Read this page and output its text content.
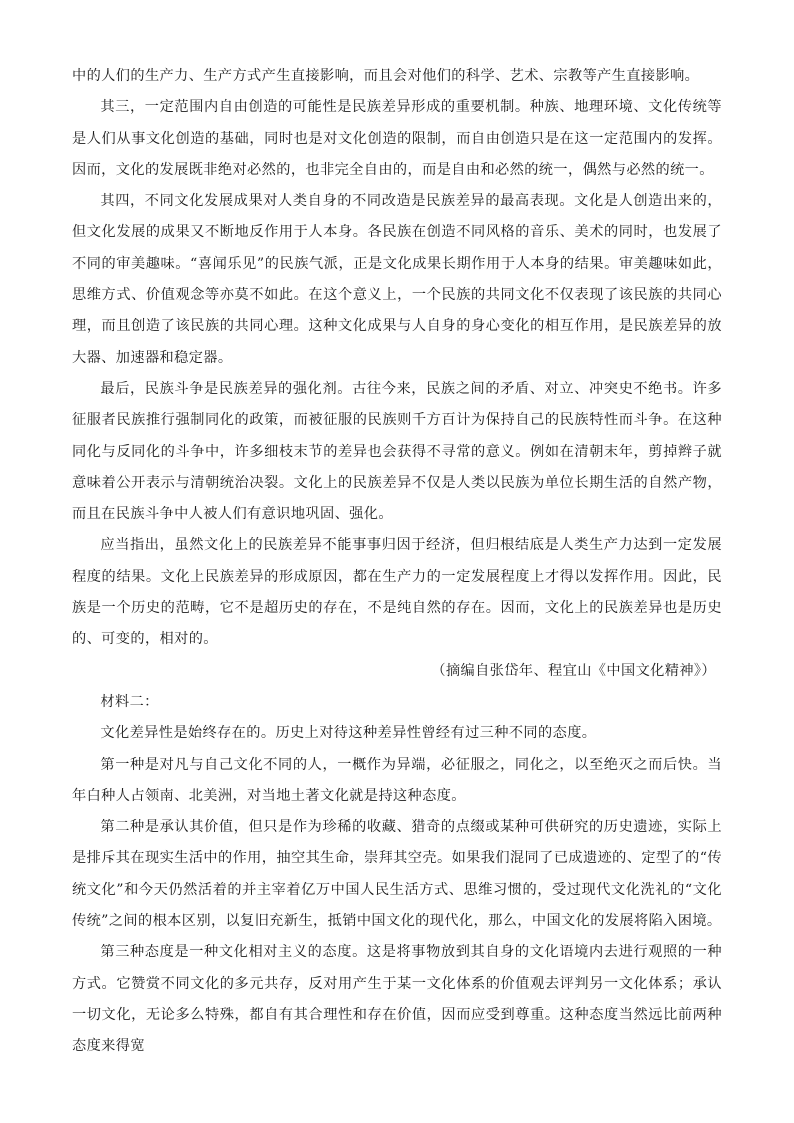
中的人们的生产力、生产方式产生直接影响，而且会对他们的科学、艺术、宗教等产生直接影响。

其三，一定范围内自由创造的可能性是民族差异形成的重要机制。种族、地理环境、文化传统等是人们从事文化创造的基础，同时也是对文化创造的限制，而自由创造只是在这一定范围内的发挥。因而，文化的发展既非绝对必然的，也非完全自由的，而是自由和必然的统一，偶然与必然的统一。

其四，不同文化发展成果对人类自身的不同改造是民族差异的最高表现。文化是人创造出来的，但文化发展的成果又不断地反作用于人本身。各民族在创造不同风格的音乐、美术的同时，也发展了不同的审美趣味。“喜闻乐见”的民族气派，正是文化成果长期作用于人本身的结果。审美趣味如此，思维方式、价值观念等亦莫不如此。在这个意义上，一个民族的共同文化不仅表现了该民族的共同心理，而且创造了该民族的共同心理。这种文化成果与人自身的身心变化的相互作用，是民族差异的放大器、加速器和稳定器。

最后，民族斗争是民族差异的强化剂。古往今来，民族之间的矛盾、对立、冲突史不绝书。许多征服者民族推行强制同化的政策，而被征服的民族则千方百计为保持自己的民族特性而斗争。在这种同化与反同化的斗争中，许多细枝末节的差异也会获得不寻常的意义。例如在清朝末年，剪掉辫子就意味着公开表示与清朝统治决裂。文化上的民族差异不仅是人类以民族为单位长期生活的自然产物，而且在民族斗争中人被人们有意识地巩固、强化。

应当指出，虽然文化上的民族差异不能事事归因于经济，但归根结底是人类生产力达到一定发展程度的结果。文化上民族差异的形成原因，都在生产力的一定发展程度上才得以发挥作用。因此，民族是一个历史的范畴，它不是超历史的存在，不是纯自然的存在。因而，文化上的民族差异也是历史的、可变的，相对的。

（摘编自张岱年、程宜山《中国文化精神》）

材料二：

文化差异性是始终存在的。历史上对待这种差异性曾经有过三种不同的态度。

第一种是对凡与自己文化不同的人，一概作为异端，必征服之，同化之，以至绝灭之而后快。当年白种人占领南、北美洲，对当地土著文化就是持这种态度。

第二种是承认其价值，但只是作为珍稀的收藏、猎奇的点缀或某种可供研究的历史遗迹，实际上是排斥其在现实生活中的作用，抽空其生命，崇拜其空壳。如果我们混同了已成遗迹的、定型了的“传统文化”和今天仍然活着的并主宰着亿万中国人民生活方式、思维习惯的，受过现代文化洗礼的“文化传统”之间的根本区别，以复旧充新生，抵销中国文化的现代化，那么，中国文化的发展将陷入困境。

第三种态度是一种文化相对主义的态度。这是将事物放到其自身的文化语境内去进行观照的一种方式。它赞赏不同文化的多元共存，反对用产生于某一文化体系的价值观去评判另一文化体系；承认一切文化，无论多么特殊，都自有其合理性和存在价值，因而应受到尊重。这种态度当然远比前两种态度来得宽
